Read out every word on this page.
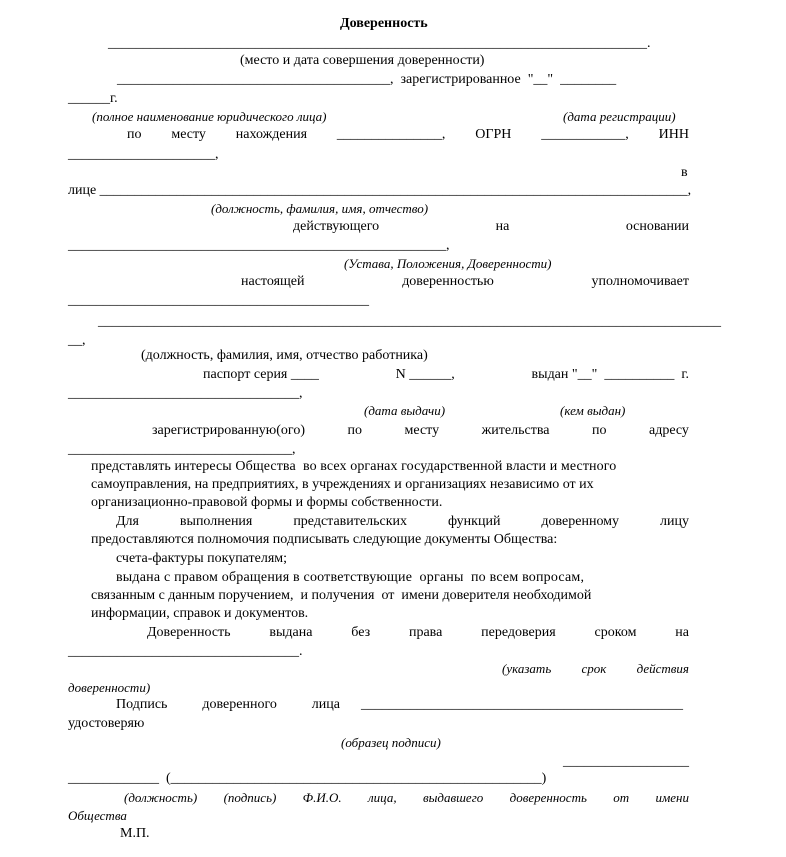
Доверенность
_____________________________________________________________________________.
(место и дата совершения доверенности)
_______________________________________,  зарегистрированное  "__"  ________
______г.
(полное наименование юридического лица)	(дата регистрации)
по месту нахождения _______________, ОГРН ____________, ИНН
_____________________,
в
лице ____________________________________________________________________________________,
(должность, фамилия, имя, отчество)
действующего	на	основании
______________________________________________________,
(Устава, Положения, Доверенности)
настоящей	доверенностью	уполномочивает
___________________________________________
_________________________________________________________________________________________
__,
(должность, фамилия, имя, отчество работника)
паспорт серия ____	N ______,	выдан "__"  __________  г.
_________________________________,
(дата выдачи)	(кем выдан)
зарегистрированную(ого)	по	месту	жительства	по	адресу
________________________________,
представлять интересы Общества  во всех органах государственной власти и местного
самоуправления, на предприятиях, в учреждениях и организациях независимо от их
организационно-правовой формы и формы собственности.
Для	выполнения	представительских	функций	доверенному	лицу
предоставляются полномочия подписывать следующие документы Общества:
счета-фактуры покупателям;
выдана с правом обращения в соответствующие  органы  по всем вопросам,
связанным с данным поручением,  и получения  от  имени доверителя необходимой
информации, справок и документов.
Доверенность	выдана	без	права	передоверия	сроком	на
_________________________________.
(указать срок действия
доверенности)
Подпись доверенного лица ______________________________________________
удостоверяю
(образец подписи)
__________________
_____________  (_____________________________________________________)
(должность) (подпись) Ф.И.О. лица, выдавшего доверенность от имени
Общества
М.П.
